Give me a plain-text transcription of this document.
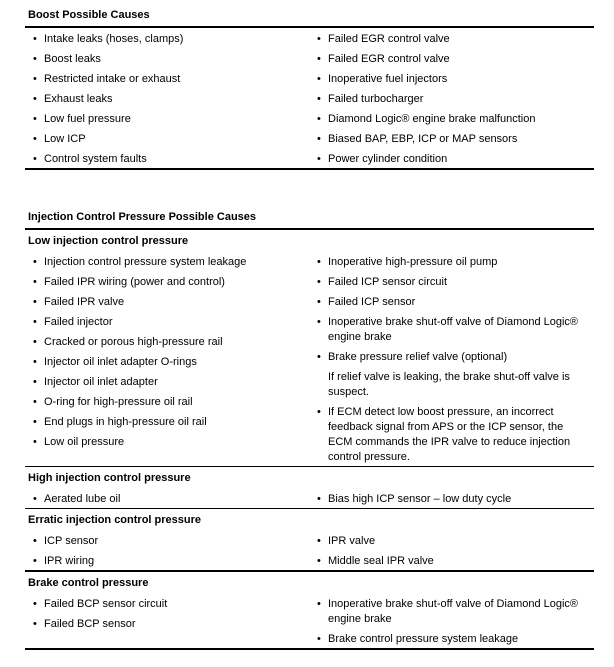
Boost Possible Causes
• Intake leaks (hoses, clamps)
• Boost leaks
• Restricted intake or exhaust
• Exhaust leaks
• Low fuel pressure
• Low ICP
• Control system faults
• Failed EGR control valve
• Failed EGR control valve
• Inoperative fuel injectors
• Failed turbocharger
• Diamond Logic® engine brake malfunction
• Biased BAP, EBP, ICP or MAP sensors
• Power cylinder condition
Injection Control Pressure Possible Causes
Low injection control pressure
• Injection control pressure system leakage
• Failed IPR wiring (power and control)
• Failed IPR valve
• Failed injector
• Cracked or porous high-pressure rail
• Injector oil inlet adapter O-rings
• Injector oil inlet adapter
• O-ring for high-pressure oil rail
• End plugs in high-pressure oil rail
• Low oil pressure
• Inoperative high-pressure oil pump
• Failed ICP sensor circuit
• Failed ICP sensor
• Inoperative brake shut-off valve of Diamond Logic® engine brake
• Brake pressure relief valve (optional)
If relief valve is leaking, the brake shut-off valve is suspect.
• If ECM detect low boost pressure, an incorrect feedback signal from APS or the ICP sensor, the ECM commands the IPR valve to reduce injection control pressure.
High injection control pressure
• Aerated lube oil	• Bias high ICP sensor – low duty cycle
Erratic injection control pressure
• ICP sensor
• IPR wiring
• IPR valve
• Middle seal IPR valve
Brake control pressure
• Failed BCP sensor circuit
• Failed BCP sensor
• Inoperative brake shut-off valve of Diamond Logic® engine brake
• Brake control pressure system leakage
